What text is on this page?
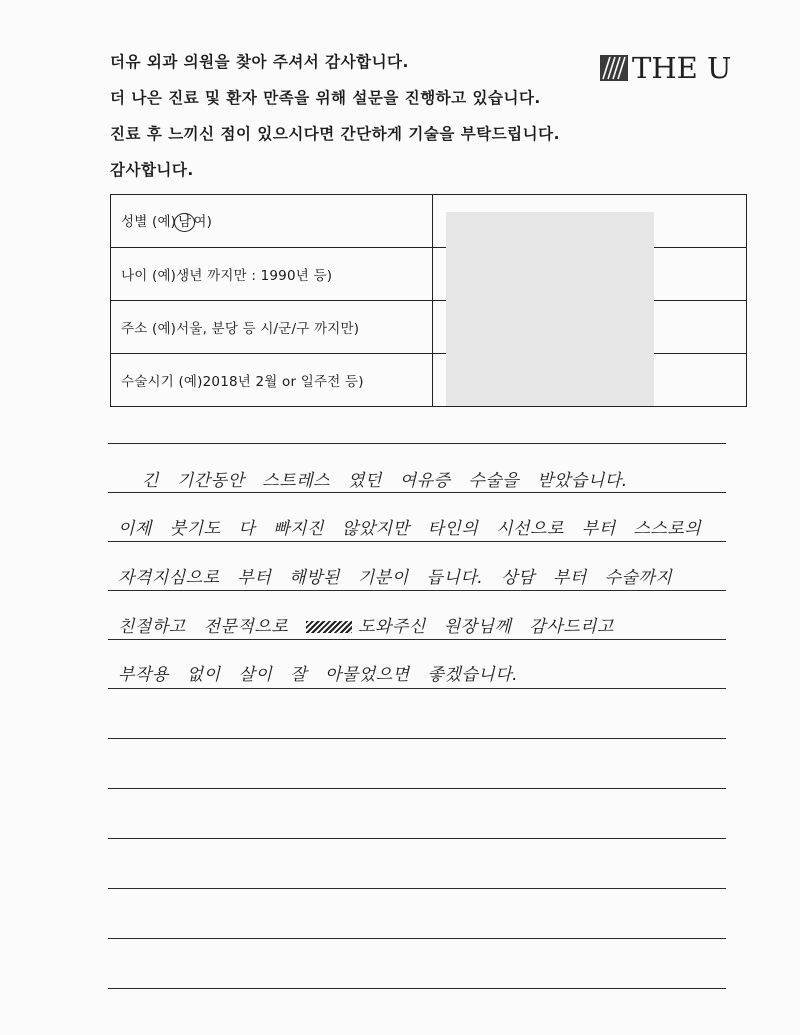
더유 외과 의원을 찾아 주셔서 감사합니다.
더 나은 진료 및 환자 만족을 위해 설문을 진행하고 있습니다.
진료 후 느끼신 점이 있으시다면 간단하게 기술을 부탁드립니다.
감사합니다.
THE U
성별 (예) 남 여)	
나이 (예)생년 까지만 : 1990년 등)	
주소 (예)서울, 분당 등 시/군/구 까지만)	
수술시기 (예)2018년 2월 or 일주전 등)	
긴 기간동안 스트레스 였던 여유증 수술을 받았습니다.
이제 붓기도 다 빠지진 않았지만 타인의 시선으로 부터 스스로의
자격지심으로 부터 해방된 기분이 듭니다. 상담 부터 수술까지
친절하고 전문적으로	도와주신 원장님께 감사드리고
부작용 없이 살이 잘 아물었으면 좋겠습니다.
